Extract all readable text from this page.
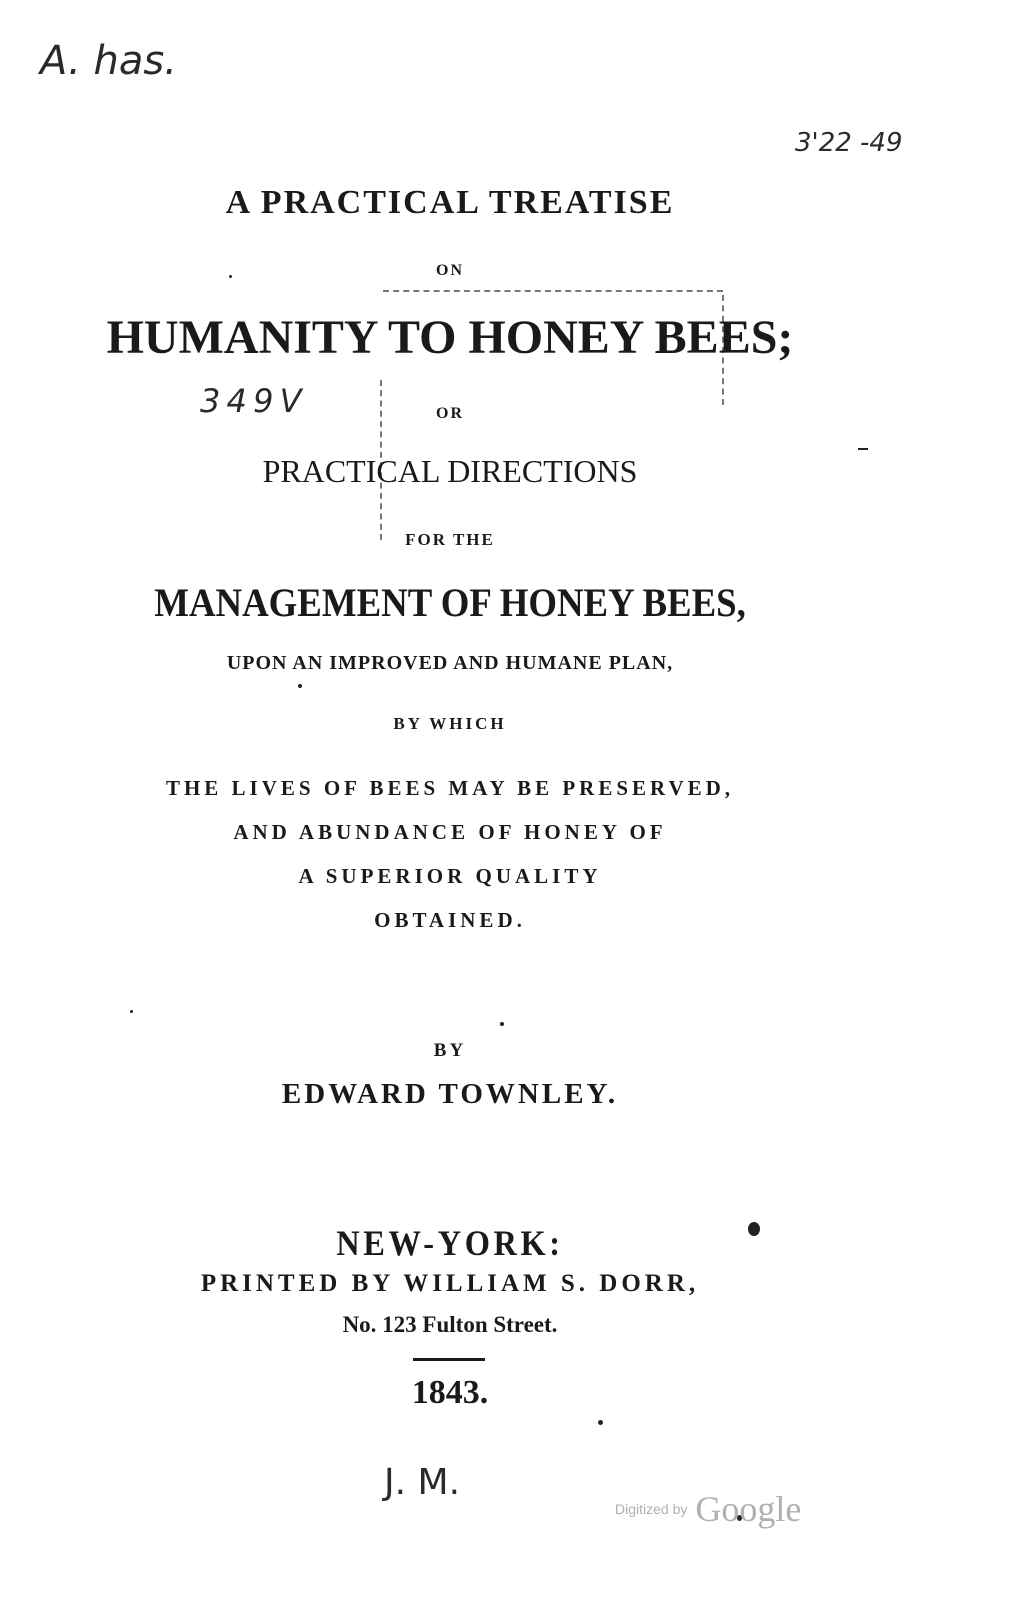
A. has.
3'22 -49
3 4 9 V
J. M.
A PRACTICAL TREATISE
ON
HUMANITY TO HONEY BEES;
OR
PRACTICAL DIRECTIONS
FOR THE
MANAGEMENT OF HONEY BEES,
UPON AN IMPROVED AND HUMANE PLAN,
BY WHICH
THE LIVES OF BEES MAY BE PRESERVED,
AND ABUNDANCE OF HONEY OF
A SUPERIOR QUALITY
OBTAINED.
BY
EDWARD TOWNLEY.
NEW-YORK:
PRINTED BY WILLIAM S. DORR,
No. 123 Fulton Street.
1843.
Digitized by Google
